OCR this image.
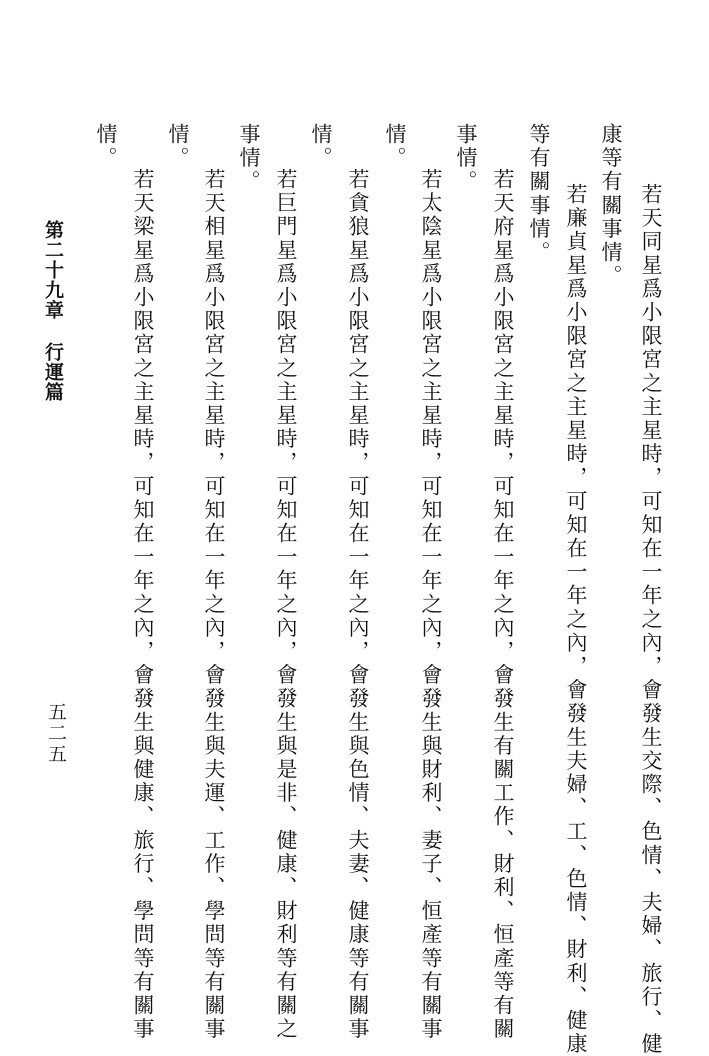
若天同星爲小限宮之主星時，可知在一年之內，會發生交際、色情、夫婦、旅行、健
康等有關事情。
若廉貞星爲小限宮之主星時，可知在一年之內，會發生夫婦、工、色情、財利、健康
等有關事情。
若天府星爲小限宮之主星時，可知在一年之內，會發生有關工作、財利、恒產等有關
事情。
若太陰星爲小限宮之主星時，可知在一年之內，會發生與財利、妻子、恒產等有關事
情。
若貪狼星爲小限宮之主星時，可知在一年之內，會發生與色情、夫妻、健康等有關事
情。
若巨門星爲小限宮之主星時，可知在一年之內，會發生與是非、健康、財利等有關之
事情。
若天相星爲小限宮之主星時，可知在一年之內，會發生與夫運、工作、學問等有關事
情。
若天梁星爲小限宮之主星時，可知在一年之內，會發生與健康、旅行、學問等有關事
情。
第二十九章行運篇
五二五
